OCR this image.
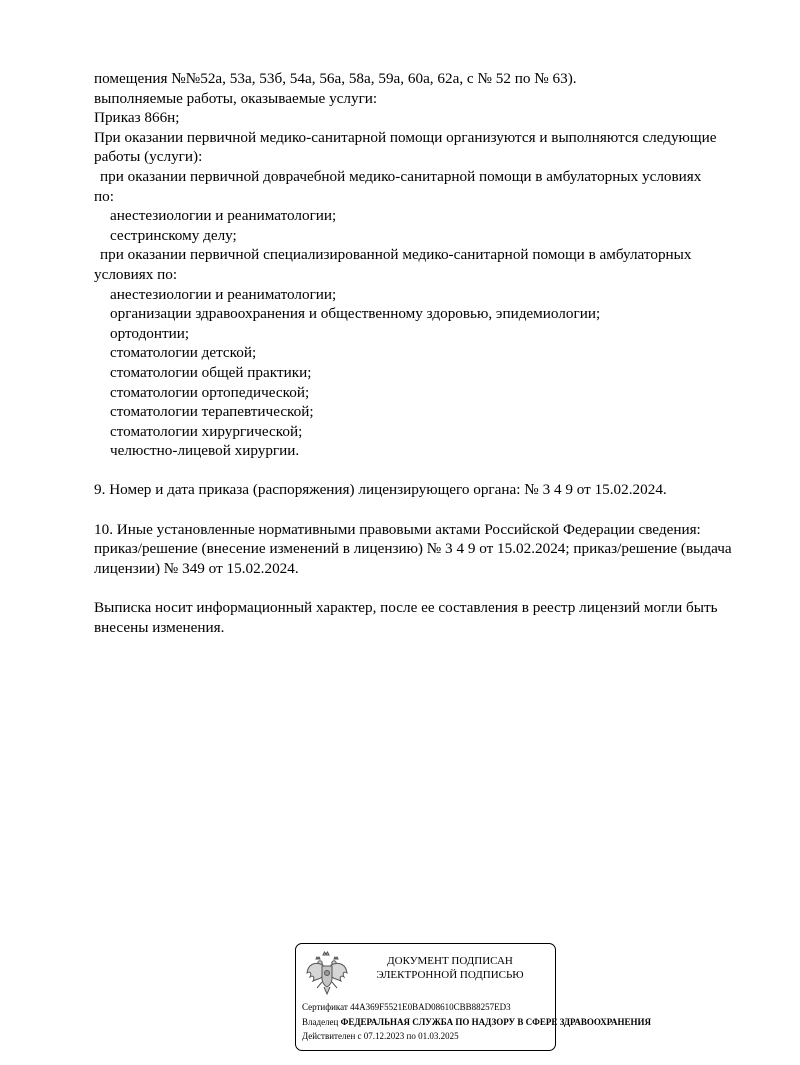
помещения №№52а, 53а, 53б, 54а, 56а, 58а, 59а, 60а, 62а, с № 52 по № 63).
выполняемые работы, оказываемые услуги:
Приказ 866н;
При оказании первичной медико-санитарной помощи организуются и выполняются следующие
работы (услуги):
при оказании первичной доврачебной медико-санитарной помощи в амбулаторных условиях
по:
анестезиологии и реаниматологии;
сестринскому делу;
при оказании первичной специализированной медико-санитарной помощи в амбулаторных
условиях по:
анестезиологии и реаниматологии;
организации здравоохранения и общественному здоровью, эпидемиологии;
ортодонтии;
стоматологии детской;
стоматологии общей практики;
стоматологии ортопедической;
стоматологии терапевтической;
стоматологии хирургической;
челюстно-лицевой хирургии.
9. Номер и дата приказа (распоряжения) лицензирующего органа: № 3 4 9 от 15.02.2024.
10. Иные установленные нормативными правовыми актами Российской Федерации сведения:
приказ/решение (внесение изменений в лицензию) № 3 4 9 от 15.02.2024; приказ/решение (выдача
лицензии) № 349 от 15.02.2024.
Выписка носит информационный характер, после ее составления в реестр лицензий могли быть
внесены изменения.
ДОКУМЕНТ ПОДПИСАН
ЭЛЕКТРОННОЙ ПОДПИСЬЮ
Сертификат 44A369F5521E0BAD08610CBB88257ED3
Владелец ФЕДЕРАЛЬНАЯ СЛУЖБА ПО НАДЗОРУ В СФЕРЕ ЗДРАВООХРАНЕНИЯ
Действителен с 07.12.2023 по 01.03.2025
